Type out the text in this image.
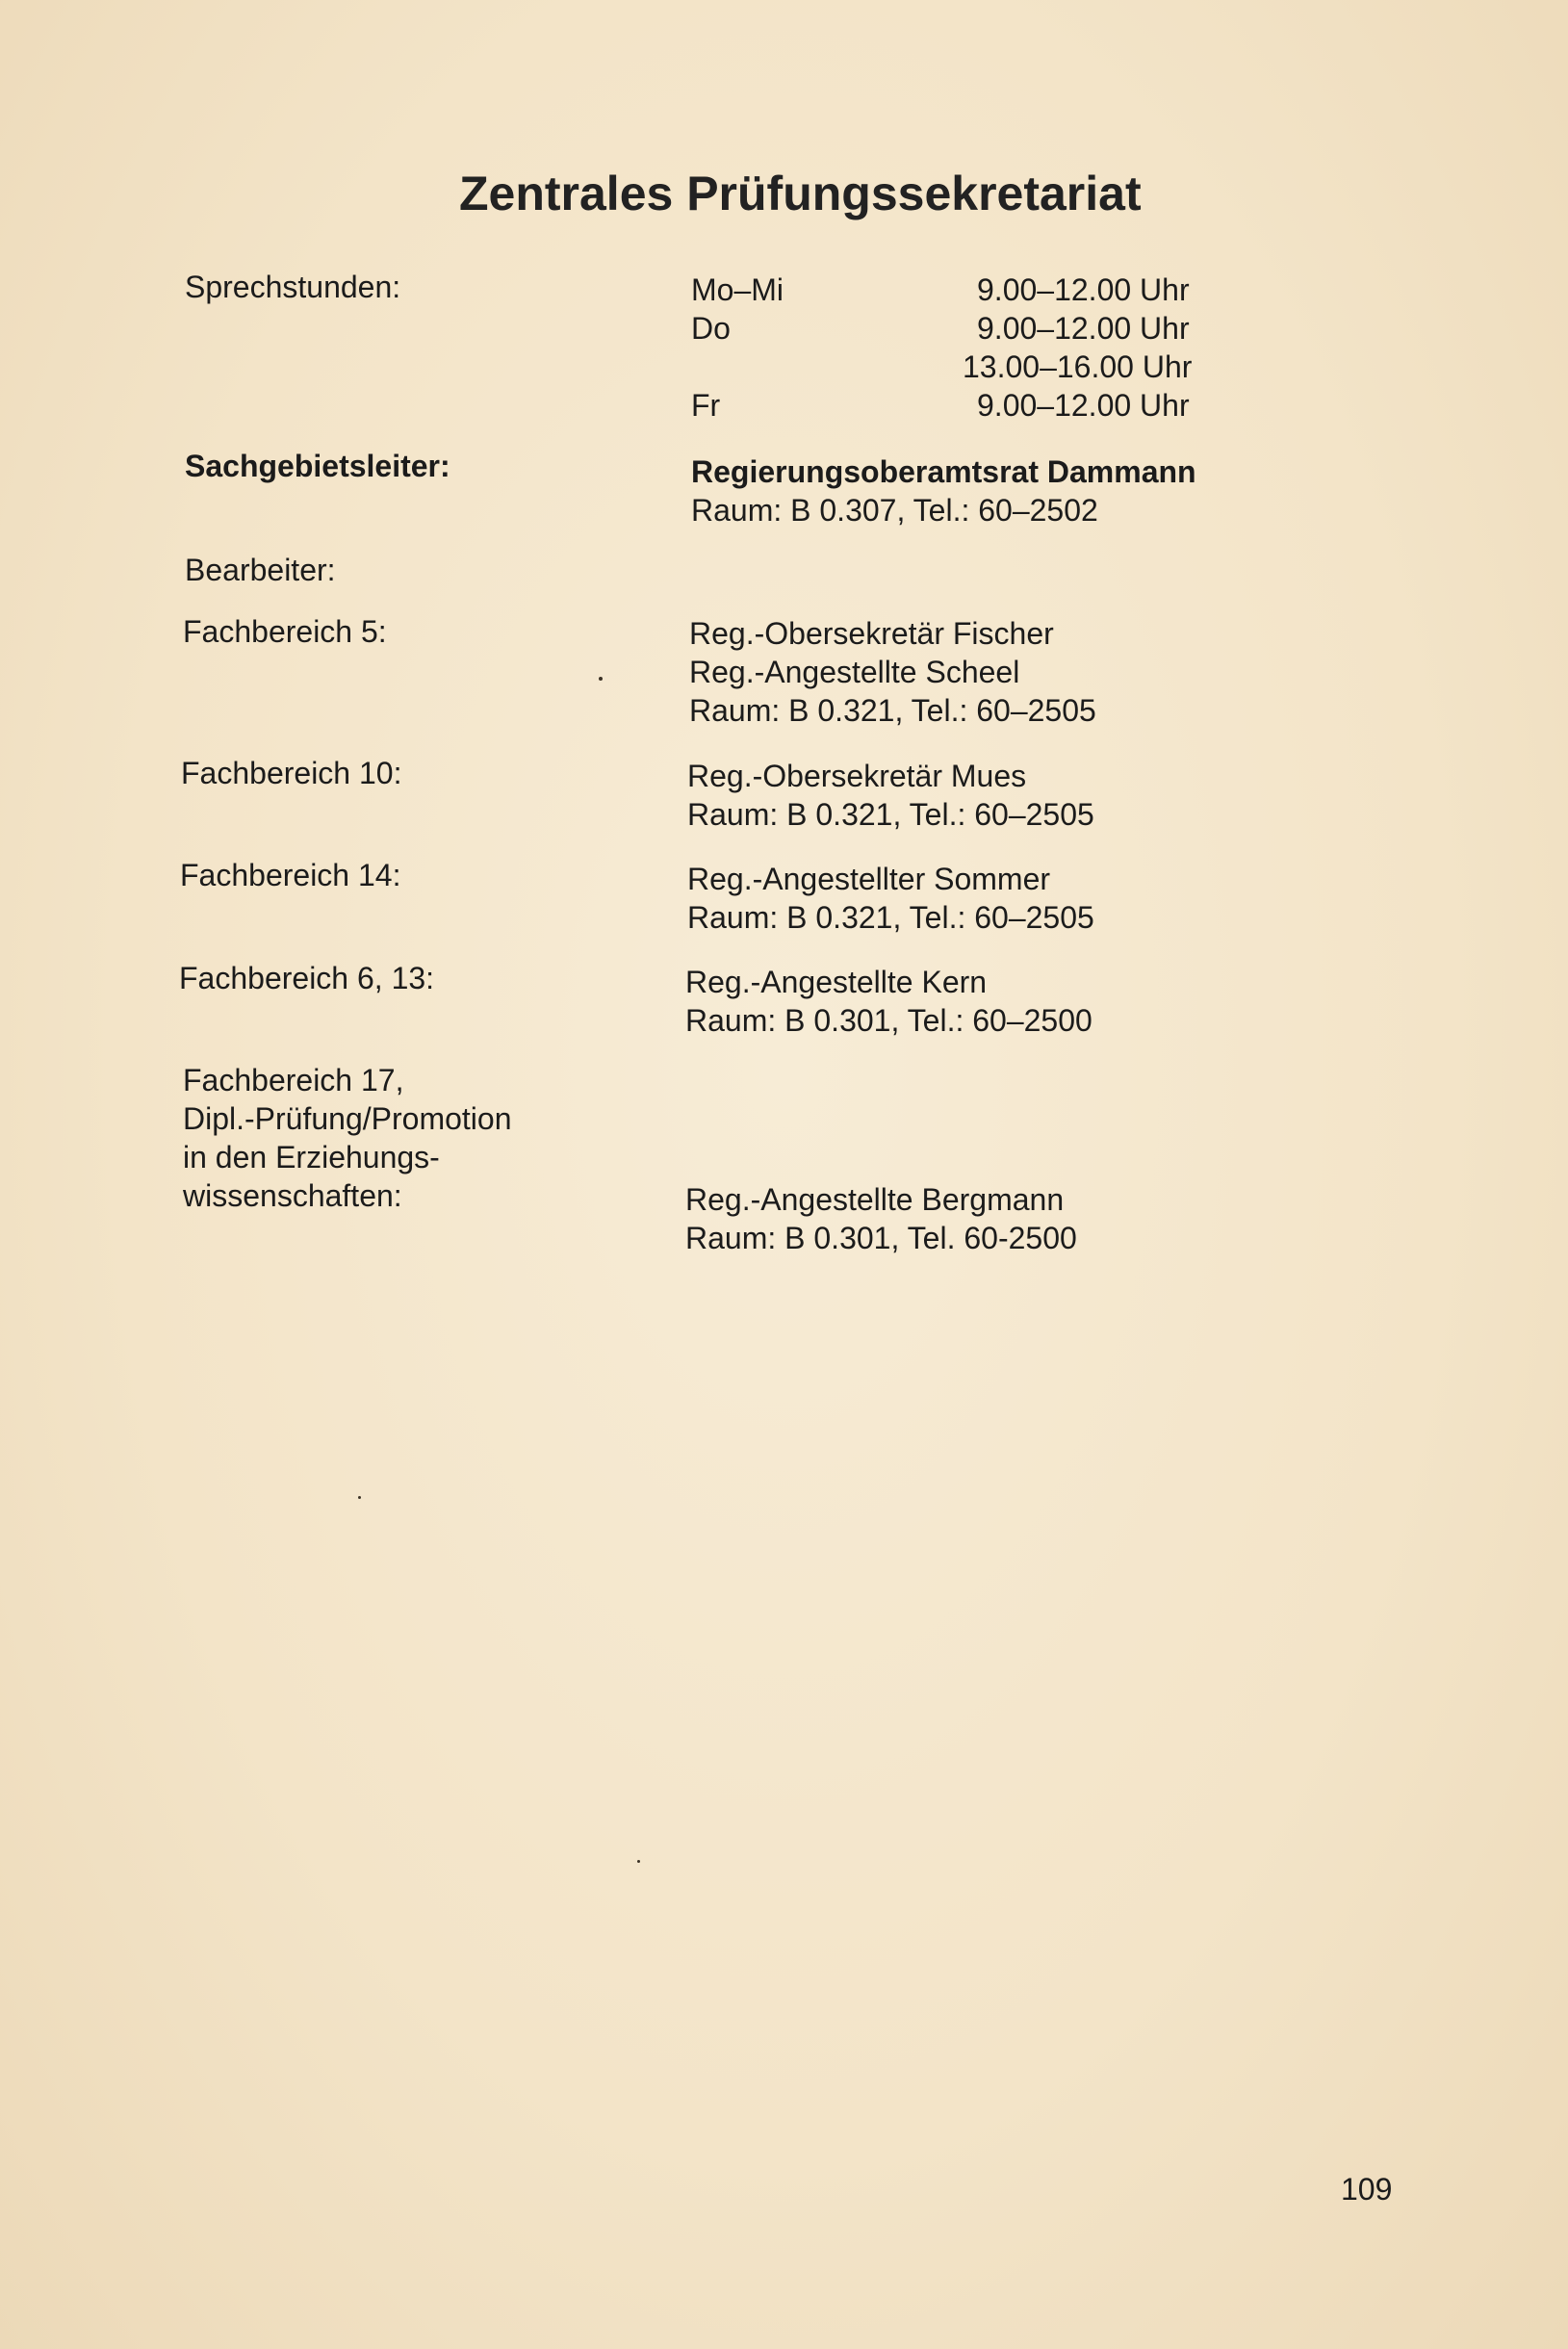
Zentrales Prüfungssekretariat
Sprechstunden:	Mo–Mi	9.00–12.00 Uhr
Do	9.00–12.00 Uhr
13.00–16.00 Uhr
Fr	9.00–12.00 Uhr
Sachgebietsleiter:	Regierungsoberamtsrat Dammann
Raum: B 0.307, Tel.: 60–2502
Bearbeiter:
Fachbereich 5:	Reg.-Obersekretär Fischer
Reg.-Angestellte Scheel
Raum: B 0.321, Tel.: 60–2505
Fachbereich 10:	Reg.-Obersekretär Mues
Raum: B 0.321, Tel.: 60–2505
Fachbereich 14:	Reg.-Angestellter Sommer
Raum: B 0.321, Tel.: 60–2505
Fachbereich 6, 13:	Reg.-Angestellte Kern
Raum: B 0.301, Tel.: 60–2500
Fachbereich 17,
Dipl.-Prüfung/Promotion
in den Erziehungs-
wissenschaften:	Reg.-Angestellte Bergmann
Raum: B 0.301, Tel. 60-2500
109
